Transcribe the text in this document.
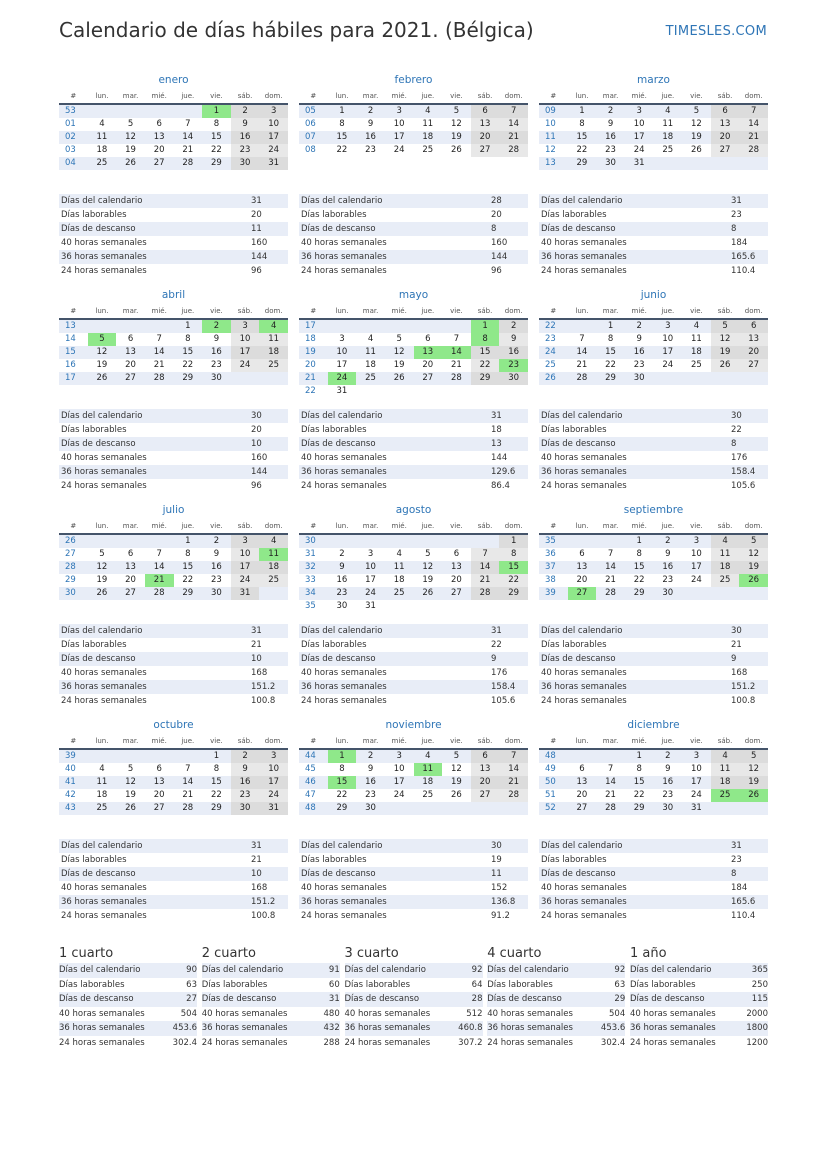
Calendario de días hábiles para 2021. (Bélgica)	TIMESLES.COM
enero
#	lun.	mar.	mié.	jue.	vie.	sáb.	dom.
53					1	2	3
01	4	5	6	7	8	9	10
02	11	12	13	14	15	16	17
03	18	19	20	21	22	23	24
04	25	26	27	28	29	30	31
Días del calendario	31
Días laborables	20
Días de descanso	11
40 horas semanales	160
36 horas semanales	144
24 horas semanales	96
febrero
#	lun.	mar.	mié.	jue.	vie.	sáb.	dom.
05	1	2	3	4	5	6	7
06	8	9	10	11	12	13	14
07	15	16	17	18	19	20	21
08	22	23	24	25	26	27	28
Días del calendario	28
Días laborables	20
Días de descanso	8
40 horas semanales	160
36 horas semanales	144
24 horas semanales	96
marzo
#	lun.	mar.	mié.	jue.	vie.	sáb.	dom.
09	1	2	3	4	5	6	7
10	8	9	10	11	12	13	14
11	15	16	17	18	19	20	21
12	22	23	24	25	26	27	28
13	29	30	31				
Días del calendario	31
Días laborables	23
Días de descanso	8
40 horas semanales	184
36 horas semanales	165.6
24 horas semanales	110.4
abril
#	lun.	mar.	mié.	jue.	vie.	sáb.	dom.
13				1	2	3	4
14	5	6	7	8	9	10	11
15	12	13	14	15	16	17	18
16	19	20	21	22	23	24	25
17	26	27	28	29	30		
Días del calendario	30
Días laborables	20
Días de descanso	10
40 horas semanales	160
36 horas semanales	144
24 horas semanales	96
mayo
#	lun.	mar.	mié.	jue.	vie.	sáb.	dom.
17						1	2
18	3	4	5	6	7	8	9
19	10	11	12	13	14	15	16
20	17	18	19	20	21	22	23
21	24	25	26	27	28	29	30
22	31						
Días del calendario	31
Días laborables	18
Días de descanso	13
40 horas semanales	144
36 horas semanales	129.6
24 horas semanales	86.4
junio
#	lun.	mar.	mié.	jue.	vie.	sáb.	dom.
22		1	2	3	4	5	6
23	7	8	9	10	11	12	13
24	14	15	16	17	18	19	20
25	21	22	23	24	25	26	27
26	28	29	30				
Días del calendario	30
Días laborables	22
Días de descanso	8
40 horas semanales	176
36 horas semanales	158.4
24 horas semanales	105.6
julio
#	lun.	mar.	mié.	jue.	vie.	sáb.	dom.
26				1	2	3	4
27	5	6	7	8	9	10	11
28	12	13	14	15	16	17	18
29	19	20	21	22	23	24	25
30	26	27	28	29	30	31	
Días del calendario	31
Días laborables	21
Días de descanso	10
40 horas semanales	168
36 horas semanales	151.2
24 horas semanales	100.8
agosto
#	lun.	mar.	mié.	jue.	vie.	sáb.	dom.
30							1
31	2	3	4	5	6	7	8
32	9	10	11	12	13	14	15
33	16	17	18	19	20	21	22
34	23	24	25	26	27	28	29
35	30	31					
Días del calendario	31
Días laborables	22
Días de descanso	9
40 horas semanales	176
36 horas semanales	158.4
24 horas semanales	105.6
septiembre
#	lun.	mar.	mié.	jue.	vie.	sáb.	dom.
35			1	2	3	4	5
36	6	7	8	9	10	11	12
37	13	14	15	16	17	18	19
38	20	21	22	23	24	25	26
39	27	28	29	30			
Días del calendario	30
Días laborables	21
Días de descanso	9
40 horas semanales	168
36 horas semanales	151.2
24 horas semanales	100.8
octubre
#	lun.	mar.	mié.	jue.	vie.	sáb.	dom.
39					1	2	3
40	4	5	6	7	8	9	10
41	11	12	13	14	15	16	17
42	18	19	20	21	22	23	24
43	25	26	27	28	29	30	31
Días del calendario	31
Días laborables	21
Días de descanso	10
40 horas semanales	168
36 horas semanales	151.2
24 horas semanales	100.8
noviembre
#	lun.	mar.	mié.	jue.	vie.	sáb.	dom.
44	1	2	3	4	5	6	7
45	8	9	10	11	12	13	14
46	15	16	17	18	19	20	21
47	22	23	24	25	26	27	28
48	29	30					
Días del calendario	30
Días laborables	19
Días de descanso	11
40 horas semanales	152
36 horas semanales	136.8
24 horas semanales	91.2
diciembre
#	lun.	mar.	mié.	jue.	vie.	sáb.	dom.
48			1	2	3	4	5
49	6	7	8	9	10	11	12
50	13	14	15	16	17	18	19
51	20	21	22	23	24	25	26
52	27	28	29	30	31		
Días del calendario	31
Días laborables	23
Días de descanso	8
40 horas semanales	184
36 horas semanales	165.6
24 horas semanales	110.4
1 cuarto
Días del calendario	90
Días laborables	63
Días de descanso	27
40 horas semanales	504
36 horas semanales	453.6
24 horas semanales	302.4
2 cuarto
Días del calendario	91
Días laborables	60
Días de descanso	31
40 horas semanales	480
36 horas semanales	432
24 horas semanales	288
3 cuarto
Días del calendario	92
Días laborables	64
Días de descanso	28
40 horas semanales	512
36 horas semanales	460.8
24 horas semanales	307.2
4 cuarto
Días del calendario	92
Días laborables	63
Días de descanso	29
40 horas semanales	504
36 horas semanales	453.6
24 horas semanales	302.4
1 año
Días del calendario	365
Días laborables	250
Días de descanso	115
40 horas semanales	2000
36 horas semanales	1800
24 horas semanales	1200
